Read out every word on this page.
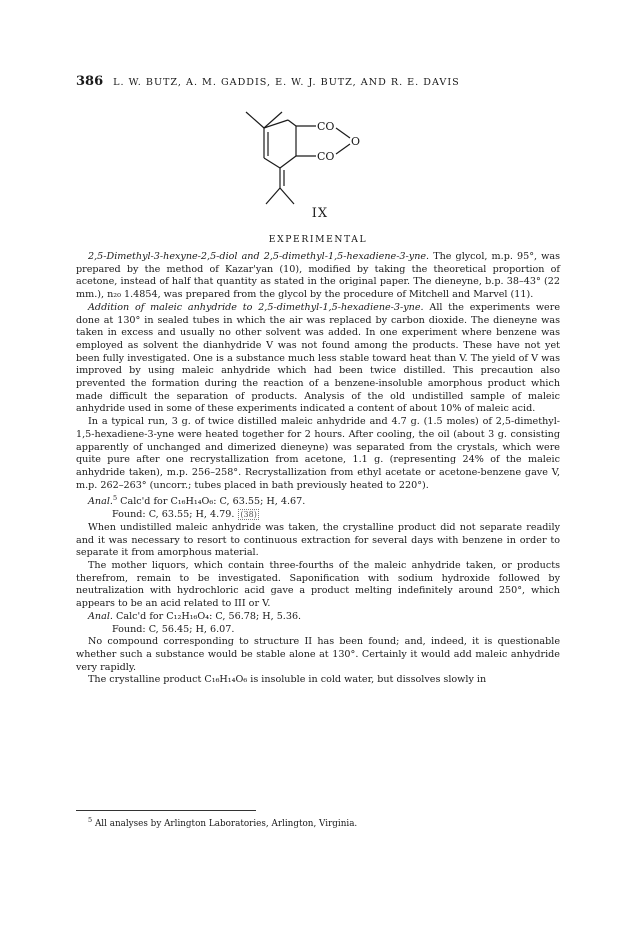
386 L. W. BUTZ, A. M. GADDIS, E. W. J. BUTZ, AND R. E. DAVIS
CO
CO
O
IX
EXPERIMENTAL

2,5-Dimethyl-3-hexyne-2,5-diol and 2,5-dimethyl-1,5-hexadiene-3-yne. The glycol, m.p. 95°, was prepared by the method of Kazar'yan (10), modified by taking the theoretical proportion of acetone, instead of half that quantity as stated in the original paper. The dieneyne, b.p. 38–43° (22 mm.), n₂₀ 1.4854, was prepared from the glycol by the procedure of Mitchell and Marvel (11).

Addition of maleic anhydride to 2,5-dimethyl-1,5-hexadiene-3-yne. All the experiments were done at 130° in sealed tubes in which the air was replaced by carbon dioxide. The dieneyne was taken in excess and usually no other solvent was added. In one experiment where benzene was employed as solvent the dianhydride V was not found among the products. These have not yet been fully investigated. One is a substance much less stable toward heat than V. The yield of V was improved by using maleic anhydride which had been twice distilled. This precaution also prevented the formation during the reaction of a benzene-insoluble amorphous product which made difficult the separation of products. Analysis of the old undistilled sample of maleic anhydride used in some of these experiments indicated a content of about 10% of maleic acid.

In a typical run, 3 g. of twice distilled maleic anhydride and 4.7 g. (1.5 moles) of 2,5-dimethyl-1,5-hexadiene-3-yne were heated together for 2 hours. After cooling, the oil (about 3 g. consisting apparently of unchanged and dimerized dieneyne) was separated from the crystals, which were quite pure after one recrystallization from acetone, 1.1 g. (representing 24% of the maleic anhydride taken), m.p. 256–258°. Recrystallization from ethyl acetate or acetone-benzene gave V, m.p. 262–263° (uncorr.; tubes placed in bath previously heated to 220°).

Anal.$^5$ Calc'd for C₁₆H₁₄O₆: C, 63.55; H, 4.67.

Found: C, 63.55; H, 4.79. (38)

When undistilled maleic anhydride was taken, the crystalline product did not separate readily and it was necessary to resort to continuous extraction for several days with benzene in order to separate it from amorphous material.

The mother liquors, which contain three-fourths of the maleic anhydride taken, or products therefrom, remain to be investigated. Saponification with sodium hydroxide followed by neutralization with hydrochloric acid gave a product melting indefinitely around 250°, which appears to be an acid related to III or V.

Anal. Calc'd for C₁₂H₁₆O₄: C, 56.78; H, 5.36.

Found: C, 56.45; H, 6.07.

No compound corresponding to structure II has been found; and, indeed, it is questionable whether such a substance would be stable alone at 130°. Certainly it would add maleic anhydride very rapidly.

The crystalline product C₁₆H₁₄O₆ is insoluble in cold water, but dissolves slowly in

$^5$ All analyses by Arlington Laboratories, Arlington, Virginia.
